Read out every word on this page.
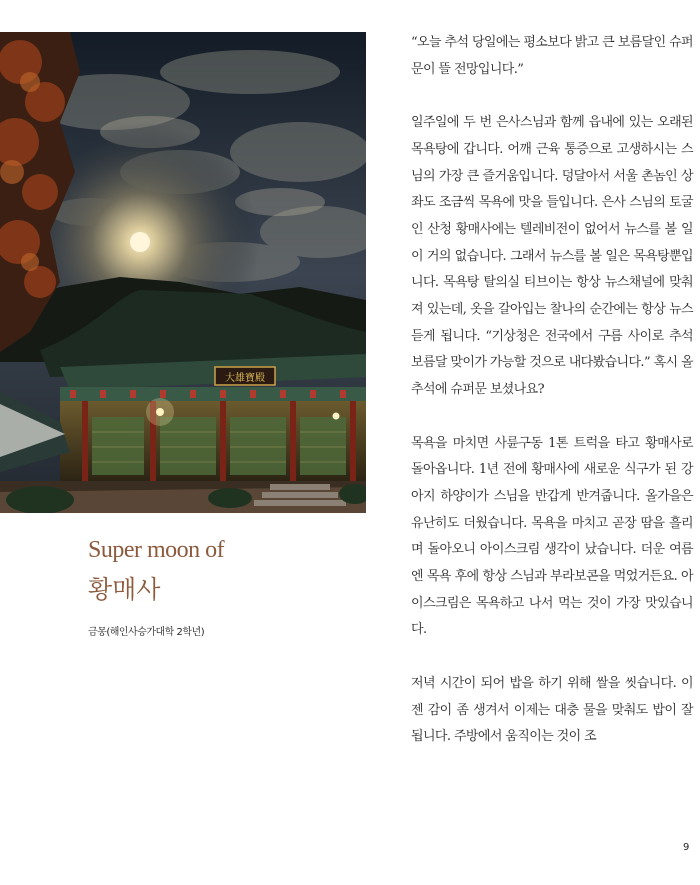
大雄寶殿
Super moon of
황매사
금몽(해인사승가대학 2학년)

“오늘 추석 당일에는 평소보다 밝고 큰 보름달인 슈퍼문이 뜰 전망입니다.”

일주일에 두 번 은사스님과 함께 읍내에 있는 오래된 목욕탕에 갑니다. 어깨 근육 통증으로 고생하시는 스님의 가장 큰 즐거움입니다. 덩달아서 서울 촌놈인 상좌도 조금씩 목욕에 맛을 들입니다. 은사 스님의 토굴인 산청 황매사에는 텔레비전이 없어서 뉴스를 볼 일이 거의 없습니다. 그래서 뉴스를 볼 일은 목욕탕뿐입니다. 목욕탕 탈의실 티브이는 항상 뉴스채널에 맞춰져 있는데, 옷을 갈아입는 찰나의 순간에는 항상 뉴스 듣게 됩니다. “기상청은 전국에서 구름 사이로 추석 보름달 맞이가 가능할 것으로 내다봤습니다.” 혹시 올 추석에 슈퍼문 보셨나요?

목욕을 마치면 사륜구동 1톤 트럭을 타고 황매사로 돌아옵니다. 1년 전에 황매사에 새로운 식구가 된 강아지 하양이가 스님을 반갑게 반겨줍니다. 올가을은 유난히도 더웠습니다. 목욕을 마치고 곧장 땀을 흘리며 돌아오니 아이스크림 생각이 났습니다. 더운 여름엔 목욕 후에 항상 스님과 부라보콘을 먹었거든요. 아이스크림은 목욕하고 나서 먹는 것이 가장 맛있습니다.

저녁 시간이 되어 밥을 하기 위해 쌀을 씻습니다. 이젠 감이 좀 생겨서 이제는 대충 물을 맞춰도 밥이 잘 됩니다. 주방에서 움직이는 것이 조

9
